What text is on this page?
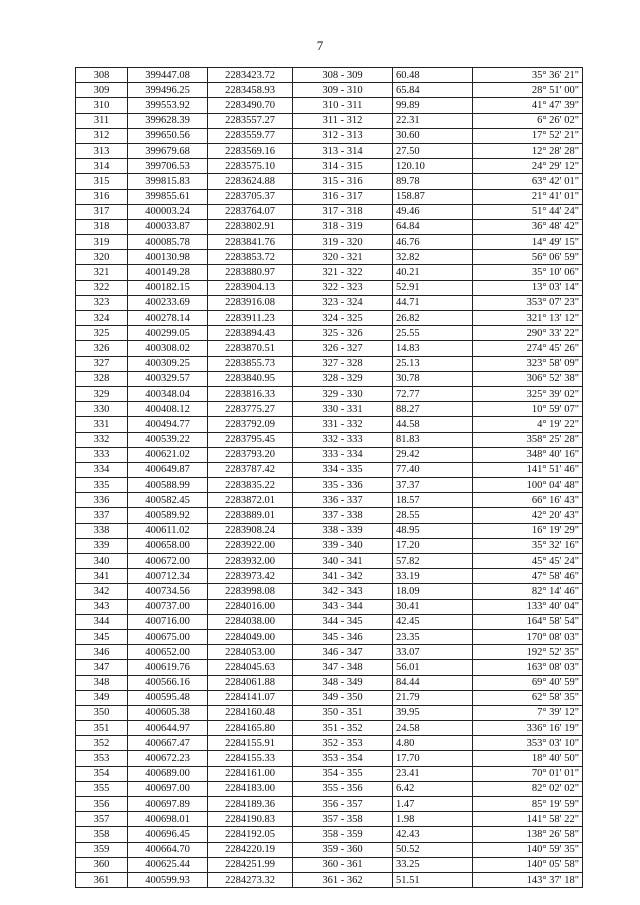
7
308	399447.08	2283423.72	308 - 309	60.48	35° 36' 21"
309	399496.25	2283458.93	309 - 310	65.84	28° 51' 00"
310	399553.92	2283490.70	310 - 311	99.89	41° 47' 39"
311	399628.39	2283557.27	311 - 312	22.31	6° 26' 02"
312	399650.56	2283559.77	312 - 313	30.60	17° 52' 21"
313	399679.68	2283569.16	313 - 314	27.50	12° 28' 28"
314	399706.53	2283575.10	314 - 315	120.10	24° 29' 12"
315	399815.83	2283624.88	315 - 316	89.78	63° 42' 01"
316	399855.61	2283705.37	316 - 317	158.87	21° 41' 01"
317	400003.24	2283764.07	317 - 318	49.46	51° 44' 24"
318	400033.87	2283802.91	318 - 319	64.84	36° 48' 42"
319	400085.78	2283841.76	319 - 320	46.76	14° 49' 15"
320	400130.98	2283853.72	320 - 321	32.82	56° 06' 59"
321	400149.28	2283880.97	321 - 322	40.21	35° 10' 06"
322	400182.15	2283904.13	322 - 323	52.91	13° 03' 14"
323	400233.69	2283916.08	323 - 324	44.71	353° 07' 23"
324	400278.14	2283911.23	324 - 325	26.82	321° 13' 12"
325	400299.05	2283894.43	325 - 326	25.55	290° 33' 22"
326	400308.02	2283870.51	326 - 327	14.83	274° 45' 26"
327	400309.25	2283855.73	327 - 328	25.13	323° 58' 09"
328	400329.57	2283840.95	328 - 329	30.78	306° 52' 38"
329	400348.04	2283816.33	329 - 330	72.77	325° 39' 02"
330	400408.12	2283775.27	330 - 331	88.27	10° 59' 07"
331	400494.77	2283792.09	331 - 332	44.58	4° 19' 22"
332	400539.22	2283795.45	332 - 333	81.83	358° 25' 28"
333	400621.02	2283793.20	333 - 334	29.42	348° 40' 16"
334	400649.87	2283787.42	334 - 335	77.40	141° 51' 46"
335	400588.99	2283835.22	335 - 336	37.37	100° 04' 48"
336	400582.45	2283872.01	336 - 337	18.57	66° 16' 43"
337	400589.92	2283889.01	337 - 338	28.55	42° 20' 43"
338	400611.02	2283908.24	338 - 339	48.95	16° 19' 29"
339	400658.00	2283922.00	339 - 340	17.20	35° 32' 16"
340	400672.00	2283932.00	340 - 341	57.82	45° 45' 24"
341	400712.34	2283973.42	341 - 342	33.19	47° 58' 46"
342	400734.56	2283998.08	342 - 343	18.09	82° 14' 46"
343	400737.00	2284016.00	343 - 344	30.41	133° 40' 04"
344	400716.00	2284038.00	344 - 345	42.45	164° 58' 54"
345	400675.00	2284049.00	345 - 346	23.35	170° 08' 03"
346	400652.00	2284053.00	346 - 347	33.07	192° 52' 35"
347	400619.76	2284045.63	347 - 348	56.01	163° 08' 03"
348	400566.16	2284061.88	348 - 349	84.44	69° 40' 59"
349	400595.48	2284141.07	349 - 350	21.79	62° 58' 35"
350	400605.38	2284160.48	350 - 351	39.95	7° 39' 12"
351	400644.97	2284165.80	351 - 352	24.58	336° 16' 19"
352	400667.47	2284155.91	352 - 353	4.80	353° 03' 10"
353	400672.23	2284155.33	353 - 354	17.70	18° 40' 50"
354	400689.00	2284161.00	354 - 355	23.41	70° 01' 01"
355	400697.00	2284183.00	355 - 356	6.42	82° 02' 02"
356	400697.89	2284189.36	356 - 357	1.47	85° 19' 59"
357	400698.01	2284190.83	357 - 358	1.98	141° 58' 22"
358	400696.45	2284192.05	358 - 359	42.43	138° 26' 58"
359	400664.70	2284220.19	359 - 360	50.52	140° 59' 35"
360	400625.44	2284251.99	360 - 361	33.25	140° 05' 58"
361	400599.93	2284273.32	361 - 362	51.51	143° 37' 18"
